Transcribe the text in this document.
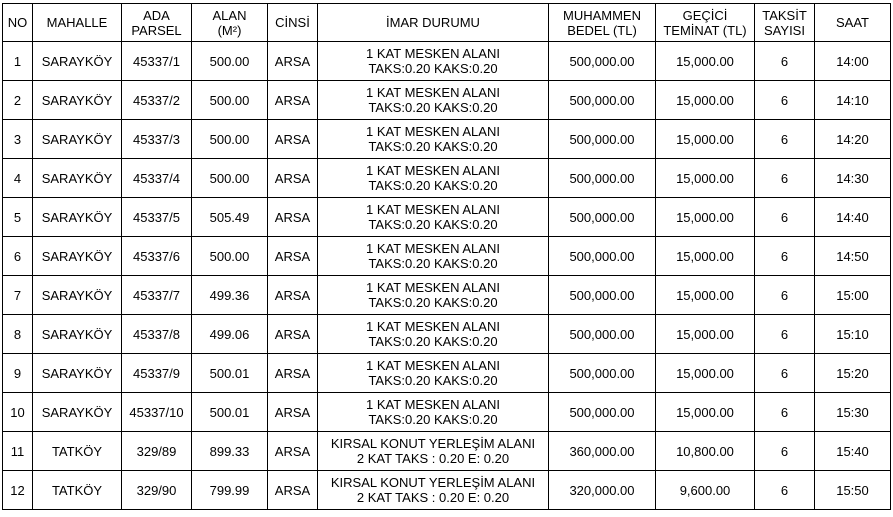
NO	MAHALLE	ADA
PARSEL	ALAN
(M²)	CİNSİ	İMAR DURUMU	MUHAMMEN
BEDEL (TL)	GEÇİCİ
TEMİNAT (TL)	TAKSİT
SAYISI	SAAT

1	SARAYKÖY	45337/1	500.00	ARSA	1 KAT MESKEN ALANI
TAKS:0.20 KAKS:0.20	500,000.00	15,000.00	6	14:00
2	SARAYKÖY	45337/2	500.00	ARSA	1 KAT MESKEN ALANI
TAKS:0.20 KAKS:0.20	500,000.00	15,000.00	6	14:10
3	SARAYKÖY	45337/3	500.00	ARSA	1 KAT MESKEN ALANI
TAKS:0.20 KAKS:0.20	500,000.00	15,000.00	6	14:20
4	SARAYKÖY	45337/4	500.00	ARSA	1 KAT MESKEN ALANI
TAKS:0.20 KAKS:0.20	500,000.00	15,000.00	6	14:30
5	SARAYKÖY	45337/5	505.49	ARSA	1 KAT MESKEN ALANI
TAKS:0.20 KAKS:0.20	500,000.00	15,000.00	6	14:40
6	SARAYKÖY	45337/6	500.00	ARSA	1 KAT MESKEN ALANI
TAKS:0.20 KAKS:0.20	500,000.00	15,000.00	6	14:50
7	SARAYKÖY	45337/7	499.36	ARSA	1 KAT MESKEN ALANI
TAKS:0.20 KAKS:0.20	500,000.00	15,000.00	6	15:00
8	SARAYKÖY	45337/8	499.06	ARSA	1 KAT MESKEN ALANI
TAKS:0.20 KAKS:0.20	500,000.00	15,000.00	6	15:10
9	SARAYKÖY	45337/9	500.01	ARSA	1 KAT MESKEN ALANI
TAKS:0.20 KAKS:0.20	500,000.00	15,000.00	6	15:20
10	SARAYKÖY	45337/10	500.01	ARSA	1 KAT MESKEN ALANI
TAKS:0.20 KAKS:0.20	500,000.00	15,000.00	6	15:30
11	TATKÖY	329/89	899.33	ARSA	KIRSAL KONUT YERLEŞİM ALANI
2 KAT TAKS : 0.20 E: 0.20	360,000.00	10,800.00	6	15:40
12	TATKÖY	329/90	799.99	ARSA	KIRSAL KONUT YERLEŞİM ALANI
2 KAT TAKS : 0.20 E: 0.20	320,000.00	9,600.00	6	15:50
